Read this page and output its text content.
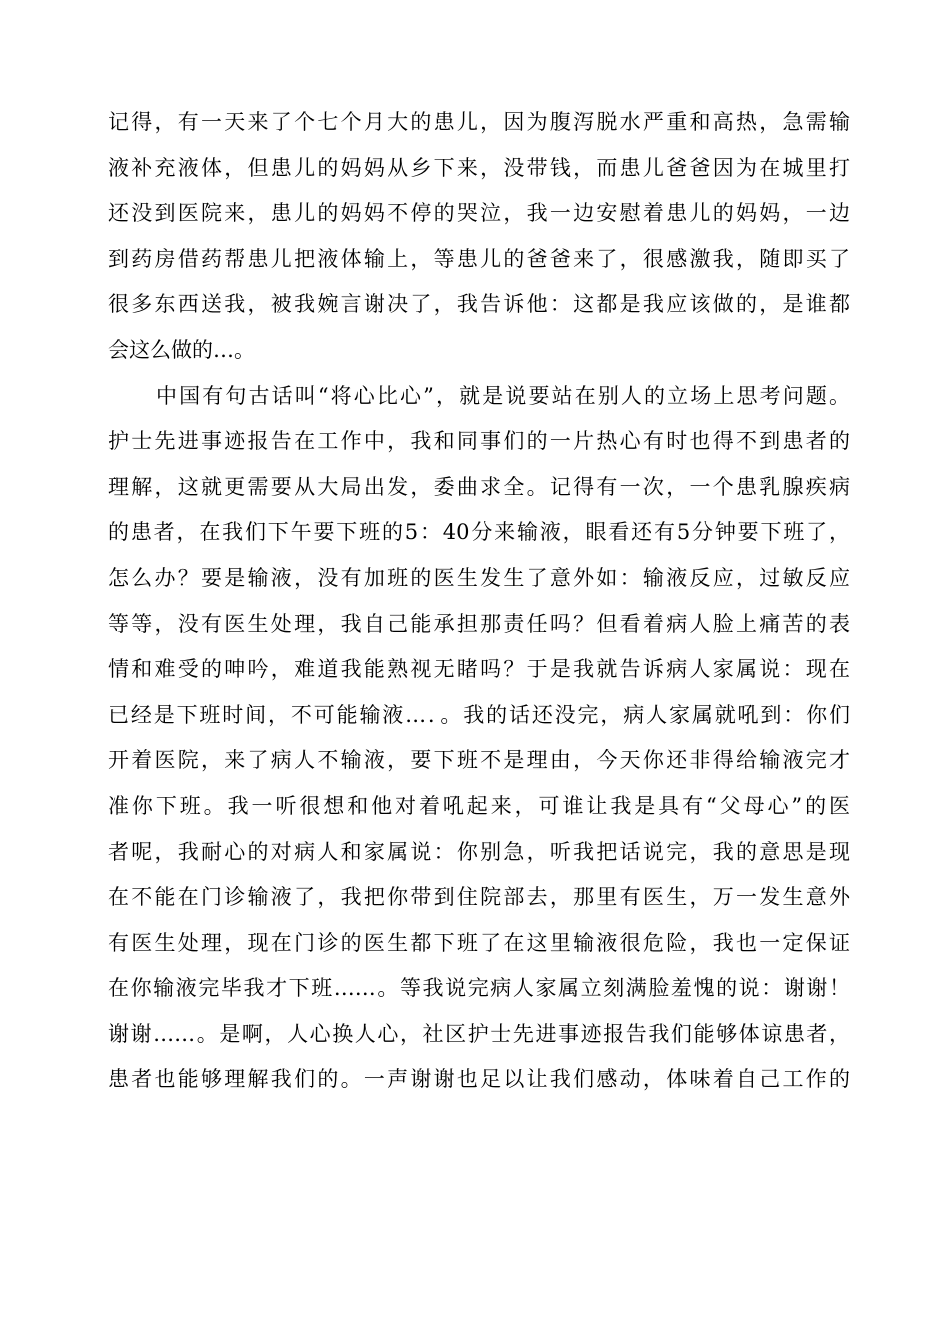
记得，有一天来了个七个月大的患儿，因为腹泻脱水严重和高热，急需输
液补充液体，但患儿的妈妈从乡下来，没带钱，而患儿爸爸因为在城里打
还没到医院来，患儿的妈妈不停的哭泣，我一边安慰着患儿的妈妈，一边
到药房借药帮患儿把液体输上，等患儿的爸爸来了，很感激我，随即买了
很多东西送我，被我婉言谢决了，我告诉他：这都是我应该做的，是谁都
会这么做的…。
中国有句古话叫“将心比心”，就是说要站在别人的立场上思考问题。
护士先进事迹报告在工作中，我和同事们的一片热心有时也得不到患者的
理解，这就更需要从大局出发，委曲求全。记得有一次，一个患乳腺疾病
的患者，在我们下午要下班的5：40分来输液，眼看还有5分钟要下班了，
怎么办？要是输液，没有加班的医生发生了意外如：输液反应，过敏反应
等等，没有医生处理，我自己能承担那责任吗？但看着病人脸上痛苦的表
情和难受的呻吟，难道我能熟视无睹吗？于是我就告诉病人家属说：现在
已经是下班时间，不可能输液…．。我的话还没完，病人家属就吼到：你们
开着医院，来了病人不输液，要下班不是理由，今天你还非得给输液完才
准你下班。我一听很想和他对着吼起来，可谁让我是具有“父母心”的医
者呢，我耐心的对病人和家属说：你别急，听我把话说完，我的意思是现
在不能在门诊输液了，我把你带到住院部去，那里有医生，万一发生意外
有医生处理，现在门诊的医生都下班了在这里输液很危险，我也一定保证
在你输液完毕我才下班……。等我说完病人家属立刻满脸羞愧的说：谢谢！
谢谢……。是啊，人心换人心，社区护士先进事迹报告我们能够体谅患者，
患者也能够理解我们的。一声谢谢也足以让我们感动，体味着自己工作的
